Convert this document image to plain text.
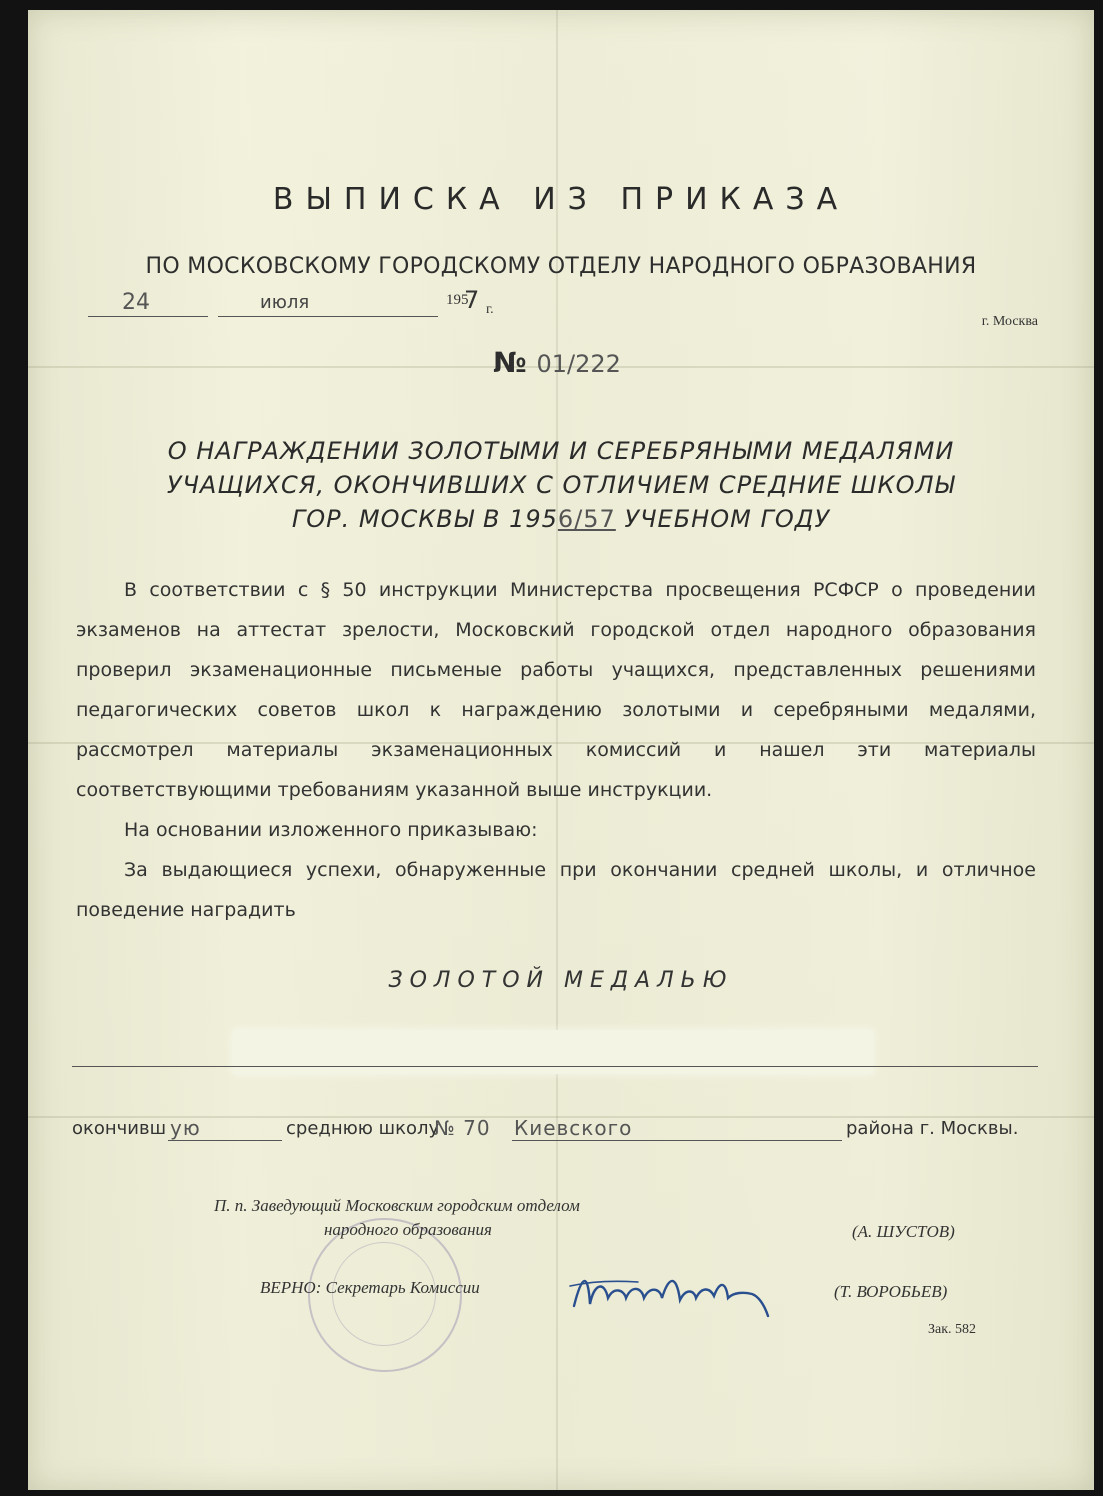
ВЫПИСКА ИЗ ПРИКАЗА
ПО МОСКОВСКОМУ ГОРОДСКОМУ ОТДЕЛУ НАРОДНОГО ОБРАЗОВАНИЯ
24	июля	195
7 г.
г. Москва
№ 01/222
О НАГРАЖДЕНИИ ЗОЛОТЫМИ И СЕРЕБРЯНЫМИ МЕДАЛЯМИ
УЧАЩИХСЯ, ОКОНЧИВШИХ С ОТЛИЧИЕМ СРЕДНИЕ ШКОЛЫ
ГОР. МОСКВЫ В 1956/57 УЧЕБНОМ ГОДУ

В соответствии с § 50 инструкции Министерства просвещения РСФСР о проведении экзаменов на аттестат зрелости, Московский городской отдел народного образования проверил экзаменационные письменые работы учащихся, представленных решениями педагогических советов школ к награждению золотыми и серебряными медалями, рассмотрел материалы экзаменационных комиссий и нашел эти материалы соответствующими требованиям указанной выше инструкции.

На основании изложенного приказываю:

За выдающиеся успехи, обнаруженные при окончании средней школы, и отличное поведение наградить

ЗОЛОТОЙ МЕДАЛЬЮ
окончивш ую	среднюю школу
№ 70 Киевского	района г. Москвы.
П. п. Заведующий Московским городским отделом
народного образования	(А. ШУСТОВ)
ВЕРНО: Секретарь Комиссии	(Т. ВОРОБЬЕВ)
Зак. 582
